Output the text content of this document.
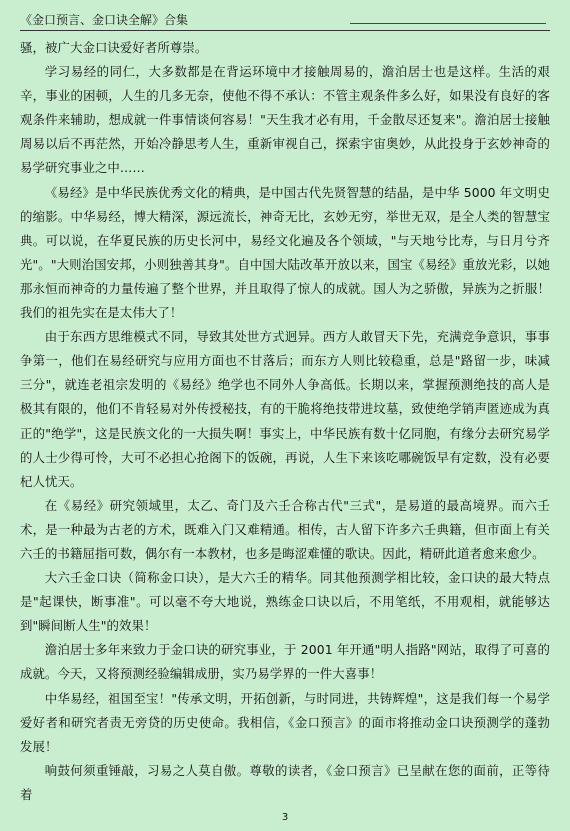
《金口预言、金口诀全解》合集

骚，被广大金口诀爱好者所尊崇。

学习易经的同仁，大多数都是在背运环境中才接触周易的，澹泊居士也是这样。生活的艰辛，事业的困顿，人生的几多无奈，使他不得不承认：不管主观条件多么好，如果没有良好的客观条件来辅助，想成就一件事情谈何容易！"天生我才必有用，千金散尽还复来"。澹泊居士接触周易以后不再茫然，开始冷静思考人生，重新审视自己，探索宇宙奥妙，从此投身于玄妙神奇的易学研究事业之中……

《易经》是中华民族优秀文化的精典，是中国古代先贤智慧的结晶，是中华 5000 年文明史的缩影。中华易经，博大精深，源远流长，神奇无比，玄妙无穷，举世无双，是全人类的智慧宝典。可以说，在华夏民族的历史长河中，易经文化遍及各个领域，"与天地兮比寿，与日月兮齐光"。"大则治国安邦，小则独善其身"。自中国大陆改革开放以来，国宝《易经》重放光彩，以她那永恒而神奇的力量传遍了整个世界，并且取得了惊人的成就。国人为之骄傲，异族为之折服！我们的祖先实在是太伟大了！

由于东西方思维模式不同，导致其处世方式迥异。西方人敢冒天下先，充满竞争意识，事事争第一，他们在易经研究与应用方面也不甘落后；而东方人则比较稳重，总是"路留一步，味减三分"，就连老祖宗发明的《易经》绝学也不同外人争高低。长期以来，掌握预测绝技的高人是极其有限的，他们不肯轻易对外传授秘技，有的干脆将绝技带进坟墓，致使绝学销声匿迹成为真正的"绝学"，这是民族文化的一大损失啊！事实上，中华民族有数十亿同胞，有缘分去研究易学的人士少得可怜，大可不必担心抢阁下的饭碗，再说，人生下来该吃哪碗饭早有定数，没有必要杞人忧天。

在《易经》研究领域里，太乙、奇门及六壬合称古代"三式"，是易道的最高境界。而六壬术，是一种最为古老的方术，既难入门又难精通。相传，古人留下许多六壬典籍，但市面上有关六壬的书籍屈指可数，偶尔有一本教材，也多是晦涩难懂的歌诀。因此，精研此道者愈来愈少。

大六壬金口诀（简称金口诀），是大六壬的精华。同其他预测学相比较，金口诀的最大特点是"起课快，断事准"。可以毫不夸大地说，熟练金口诀以后，不用笔纸，不用观相，就能够达到"瞬间断人生"的效果！

澹泊居士多年来致力于金口诀的研究事业，于 2001 年开通"明人指路"网站，取得了可喜的成就。今天，又将预测经验编辑成册，实乃易学界的一件大喜事！

中华易经，祖国至宝！"传承文明，开拓创新，与时同进，共铸辉煌"，这是我们每一个易学爱好者和研究者责无旁贷的历史使命。我相信，《金口预言》的面市将推动金口诀预测学的蓬勃发展！

响鼓何须重锤敲，习易之人莫自傲。尊敬的读者，《金口预言》已呈献在您的面前，正等待着

3
